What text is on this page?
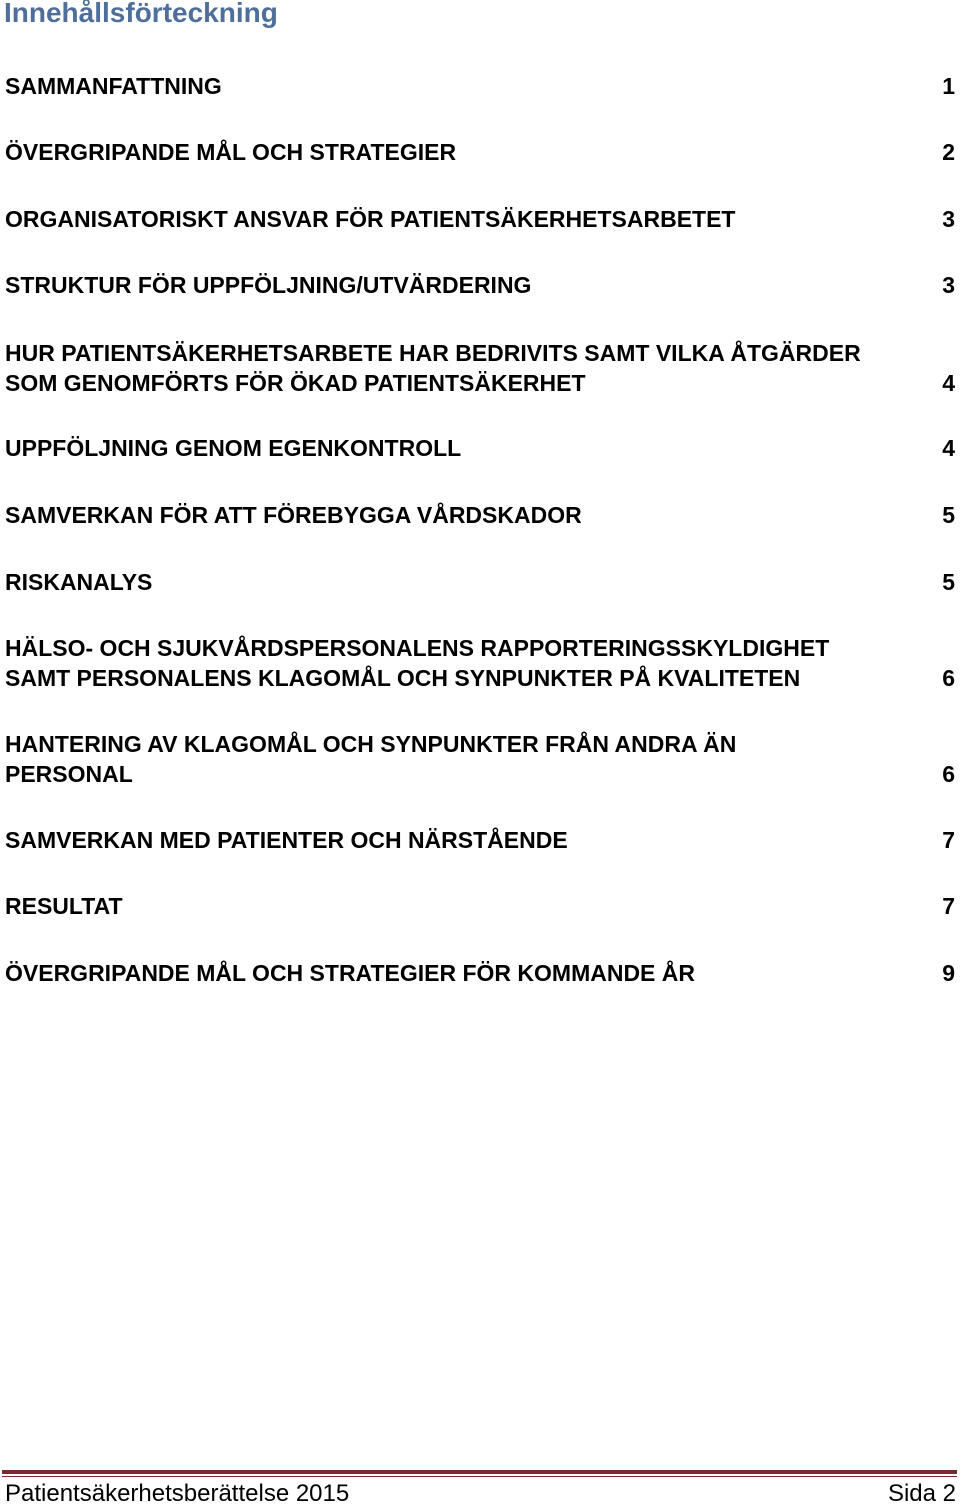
Innehållsförteckning
SAMMANFATTNING	1
ÖVERGRIPANDE MÅL OCH STRATEGIER	2
ORGANISATORISKT ANSVAR FÖR PATIENTSÄKERHETSARBETET	3
STRUKTUR FÖR UPPFÖLJNING/UTVÄRDERING	3
HUR PATIENTSÄKERHETSARBETE HAR BEDRIVITS SAMT VILKA ÅTGÄRDER
SOM GENOMFÖRTS FÖR ÖKAD PATIENTSÄKERHET	4
UPPFÖLJNING GENOM EGENKONTROLL	4
SAMVERKAN FÖR ATT FÖREBYGGA VÅRDSKADOR	5
RISKANALYS	5
HÄLSO- OCH SJUKVÅRDSPERSONALENS RAPPORTERINGSSKYLDIGHET
SAMT PERSONALENS KLAGOMÅL OCH SYNPUNKTER PÅ KVALITETEN	6
HANTERING AV KLAGOMÅL OCH SYNPUNKTER FRÅN ANDRA ÄN
PERSONAL	6
SAMVERKAN MED PATIENTER OCH NÄRSTÅENDE	7
RESULTAT	7
ÖVERGRIPANDE MÅL OCH STRATEGIER FÖR KOMMANDE ÅR	9
Patientsäkerhetsberättelse 2015	Sida 2
